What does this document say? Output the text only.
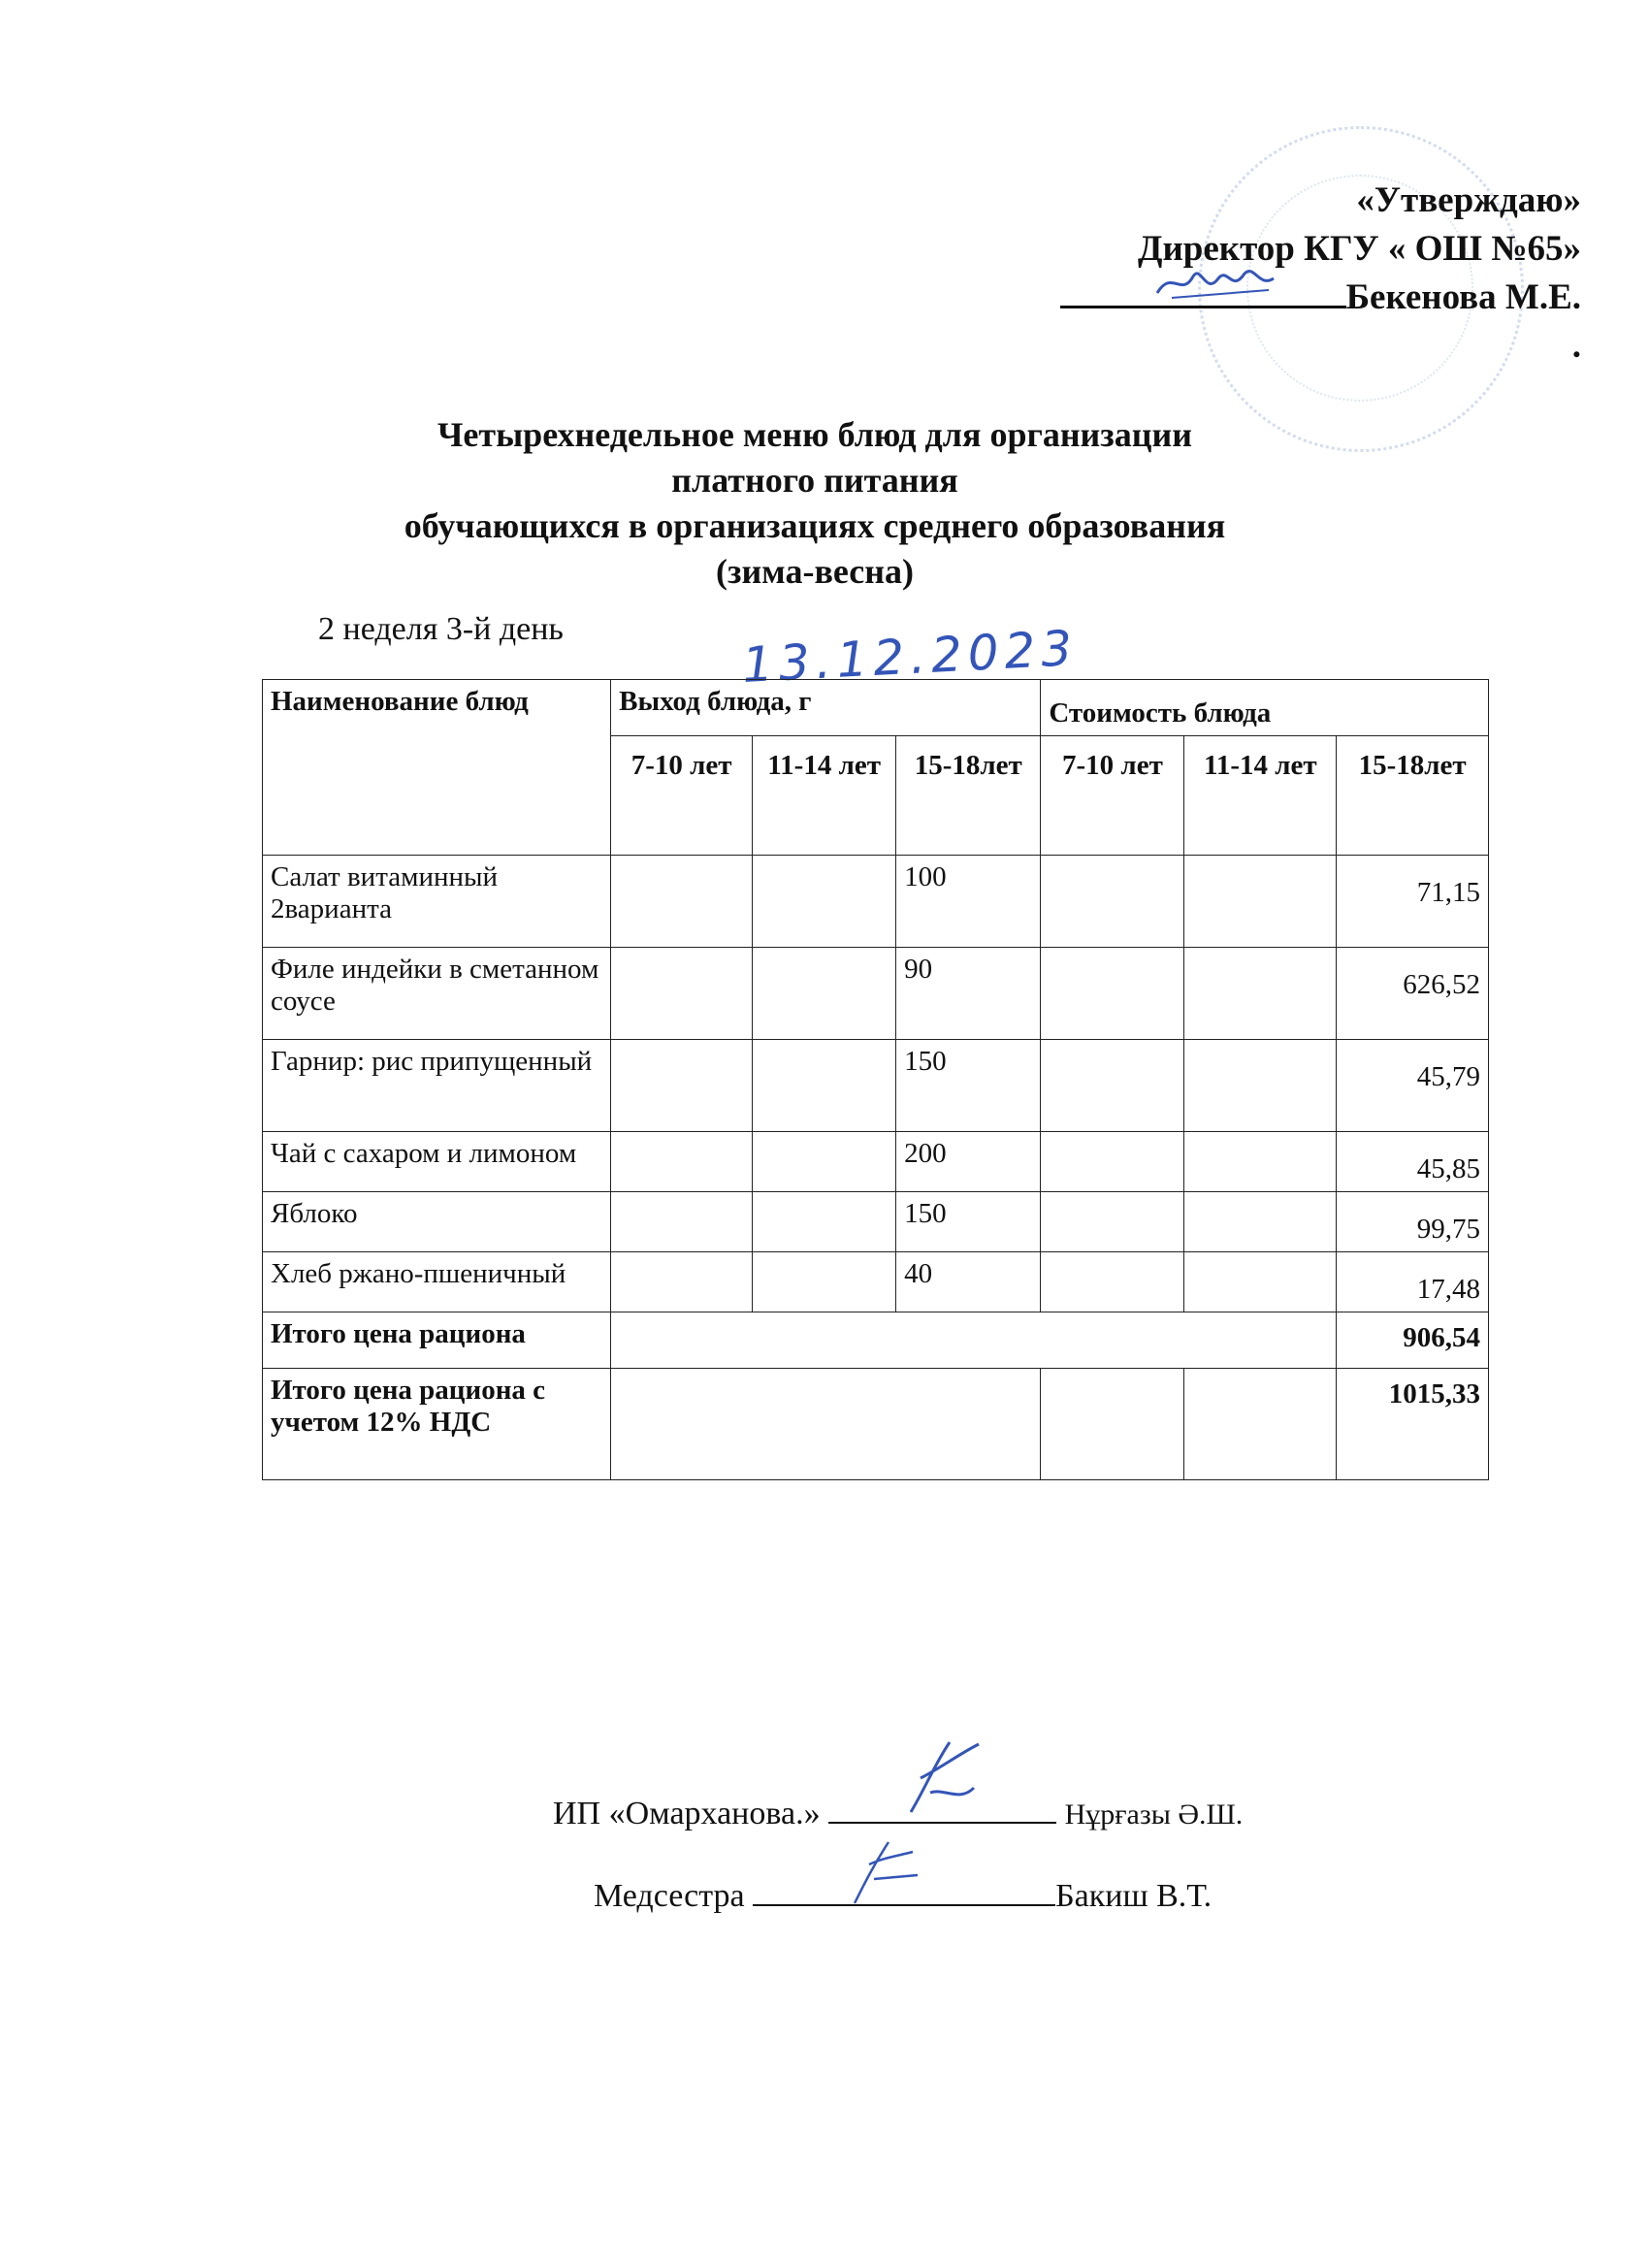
«Утверждаю»
Директор КГУ « ОШ №65»
Бекенова М.Е.
.
Четырехнедельное меню блюд для организации
платного питания
обучающихся в организациях среднего образования
(зима-весна)
2 неделя 3-й день	13.12.2023
Наименование блюд	Выход блюда, г			Стоимость блюда		
	7-10 лет	11-14 лет	15-18лет	7-10 лет	11-14 лет	15-18лет
Салат витаминный 2варианта			100			71,15
Филе индейки в сметанном соусе			90			626,52
Гарнир: рис припущенный			150			45,79
Чай с сахаром и лимоном			200			45,85
Яблоко			150			99,75
Хлеб ржано-пшеничный			40			17,48
Итого цена рациона						906,54
Итого цена рациона с учетом 12% НДС						1015,33
ИП «Омарханова.»	Нұрғазы Ә.Ш.
Медсестра	Бакиш В.Т.
